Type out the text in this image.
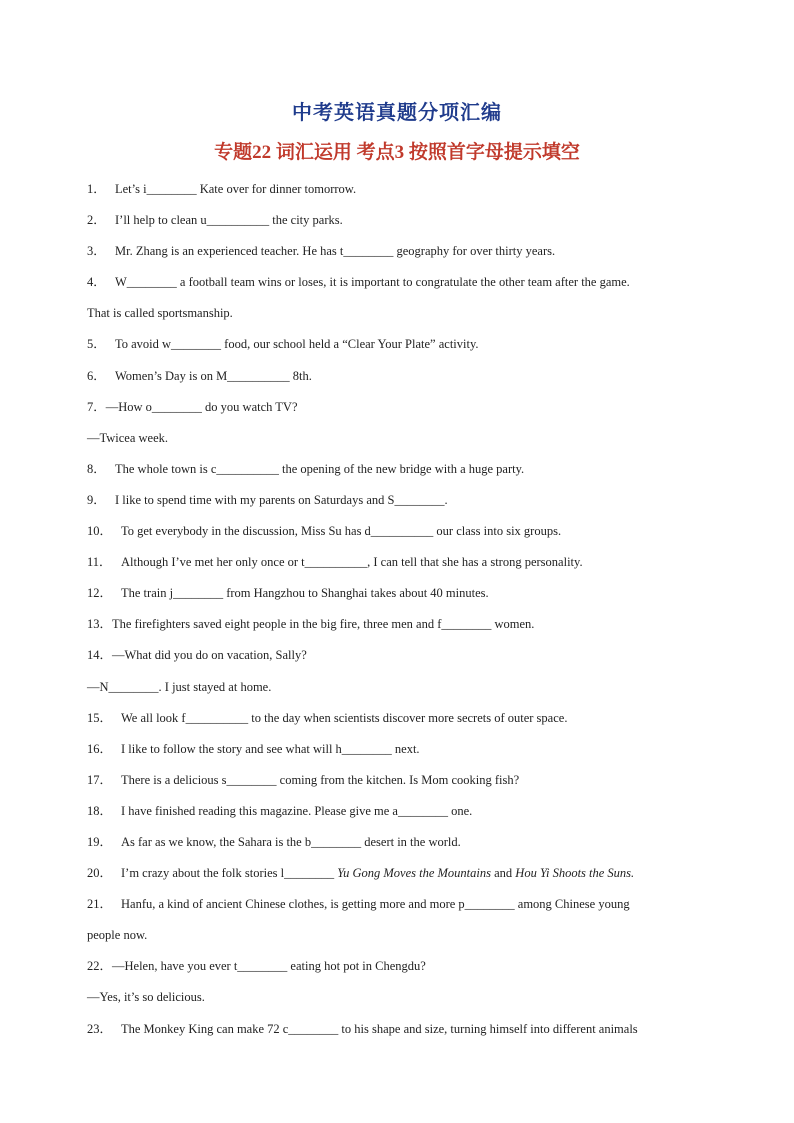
中考英语真题分项汇编
专题22 词汇运用 考点3 按照首字母提示填空
1． Let’s i________ Kate over for dinner tomorrow.
2． I’ll help to clean u__________ the city parks.
3． Mr. Zhang is an experienced teacher. He has t________ geography for over thirty years.
4． W________ a football team wins or loses, it is important to congratulate the other team after the game.
That is called sportsmanship.
5． To avoid w________ food, our school held a “Clear Your Plate” activity.
6． Women’s Day is on M__________ 8th.
7．—How o________ do you watch TV?
—Twicea week.
8． The whole town is c__________ the opening of the new bridge with a huge party.
9． I like to spend time with my parents on Saturdays and S________.
10． To get everybody in the discussion, Miss Su has d__________ our class into six groups.
11． Although I’ve met her only once or t__________, I can tell that she has a strong personality.
12． The train j________ from Hangzhou to Shanghai takes about 40 minutes.
13．The firefighters saved eight people in the big fire, three men and f________ women.
14．—What did you do on vacation, Sally?
—N________. I just stayed at home.
15． We all look f__________ to the day when scientists discover more secrets of outer space.
16． I like to follow the story and see what will h________ next.
17． There is a delicious s________ coming from the kitchen. Is Mom cooking fish?
18． I have finished reading this magazine. Please give me a________ one.
19． As far as we know, the Sahara is the b________ desert in the world.
20． I’m crazy about the folk stories l________ Yu Gong Moves the Mountains and Hou Yi Shoots the Suns.
21． Hanfu, a kind of ancient Chinese clothes, is getting more and more p________ among Chinese young
people now.
22．—Helen, have you ever t________ eating hot pot in Chengdu?
—Yes, it’s so delicious.
23． The Monkey King can make 72 c________ to his shape and size, turning himself into different animals
